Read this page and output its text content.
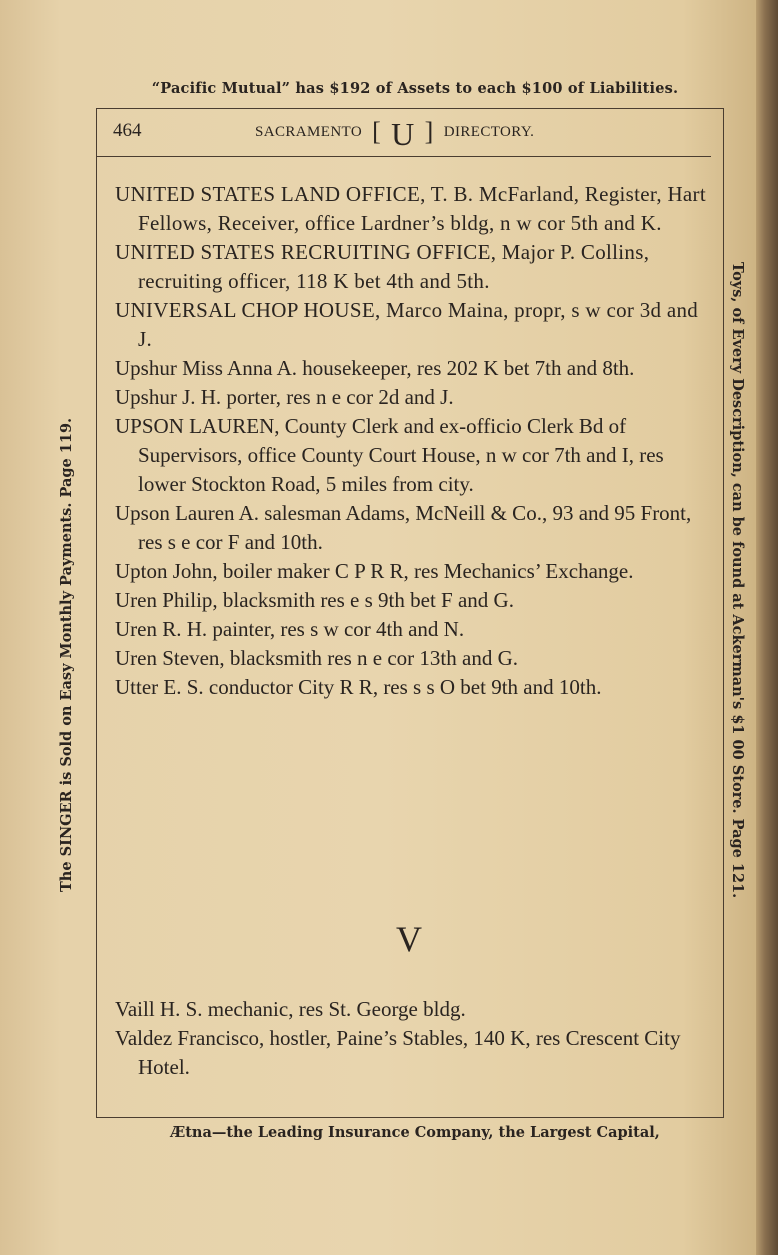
“Pacific Mutual” has $192 of Assets to each $100 of Liabilities.
464	SACRAMENTO [ U ] DIRECTORY.
The SINGER is Sold on Easy Monthly Payments. Page 119.	Toys, of Every Description, can be found at Ackerman's $1 00 Store. Page 121.

UNITED STATES LAND OFFICE, T. B. McFarland, Register, Hart Fellows, Receiver, office Lardner’s bldg, n w cor 5th and K.

UNITED STATES RECRUITING OFFICE, Major P. Collins, recruiting officer, 118 K bet 4th and 5th.

UNIVERSAL CHOP HOUSE, Marco Maina, propr, s w cor 3d and J.

Upshur Miss Anna A. housekeeper, res 202 K bet 7th and 8th.

Upshur J. H. porter, res n e cor 2d and J.

UPSON LAUREN, County Clerk and ex-officio Clerk Bd of Supervisors, office County Court House, n w cor 7th and I, res lower Stockton Road, 5 miles from city.

Upson Lauren A. salesman Adams, McNeill & Co., 93 and 95 Front, res s e cor F and 10th.

Upton John, boiler maker C P R R, res Mechanics’ Exchange.

Uren Philip, blacksmith res e s 9th bet F and G.

Uren R. H. painter, res s w cor 4th and N.

Uren Steven, blacksmith res n e cor 13th and G.

Utter E. S. conductor City R R, res s s O bet 9th and 10th.

V

Vaill H. S. mechanic, res St. George bldg.

Valdez Francisco, hostler, Paine’s Stables, 140 K, res Crescent City Hotel.

Ætna—the Leading Insurance Company, the Largest Capital,
